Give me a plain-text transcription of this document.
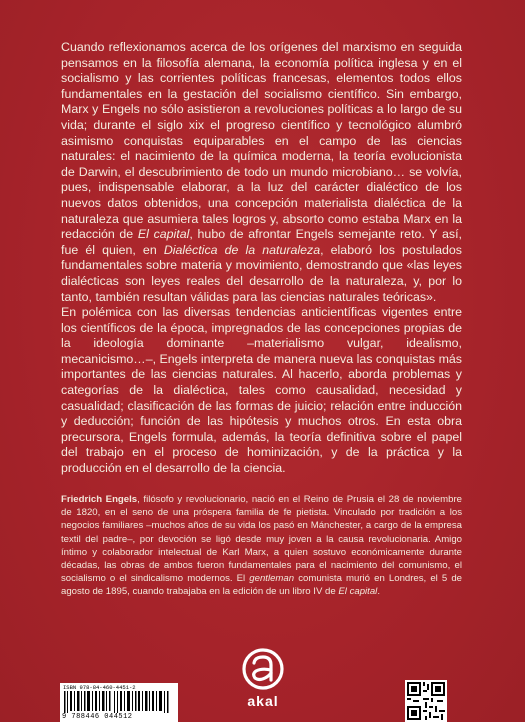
Cuando reflexionamos acerca de los orígenes del marxismo en seguida pensamos en la filosofía alemana, la economía política inglesa y en el socialismo y las corrientes políticas francesas, elementos todos ellos fundamentales en la gestación del socialismo científico. Sin embargo, Marx y Engels no sólo asistieron a revoluciones políticas a lo largo de su vida; durante el siglo xix el progreso científico y tecnológico alumbró asimismo conquistas equiparables en el campo de las ciencias naturales: el nacimiento de la química moderna, la teoría evolucionista de Darwin, el descubrimiento de todo un mundo microbiano… se volvía, pues, indispensable elaborar, a la luz del carácter dialéctico de los nuevos datos obtenidos, una concepción materialista dialéctica de la naturaleza que asumiera tales logros y, absorto como estaba Marx en la redacción de El capital, hubo de afrontar Engels semejante reto. Y así, fue él quien, en Dialéctica de la naturaleza, elaboró los postulados fundamentales sobre materia y movimiento, demostrando que «las leyes dialécticas son leyes reales del desarrollo de la naturaleza, y, por lo tanto, también resultan válidas para las ciencias naturales teóricas».

En polémica con las diversas tendencias anticientíficas vigentes entre los científicos de la época, impregnados de las concepciones propias de la ideología dominante –materialismo vulgar, idealismo, mecanicismo…–, Engels interpreta de manera nueva las conquistas más importantes de las ciencias naturales. Al hacerlo, aborda problemas y categorías de la dialéctica, tales como causalidad, necesidad y casualidad; clasificación de las formas de juicio; relación entre inducción y deducción; función de las hipótesis y muchos otros. En esta obra precursora, Engels formula, además, la teoría definitiva sobre el papel del trabajo en el proceso de hominización, y de la práctica y la producción en el desarrollo de la ciencia.

Friedrich Engels, filósofo y revolucionario, nació en el Reino de Prusia el 28 de noviembre de 1820, en el seno de una próspera familia de fe pietista. Vinculado por tradición a los negocios familiares –muchos años de su vida los pasó en Mánchester, a cargo de la empresa textil del padre–, por devoción se ligó desde muy joven a la causa revolucionaria. Amigo íntimo y colaborador intelectual de Karl Marx, a quien sostuvo económicamente durante décadas, las obras de ambos fueron fundamentales para el nacimiento del comunismo, el socialismo o el sindicalismo modernos. El gentleman comunista murió en Londres, el 5 de agosto de 1895, cuando trabajaba en la edición de un libro IV de El capital.

akal
ISBN 978-84-460-4451-2
9 788446 044512
